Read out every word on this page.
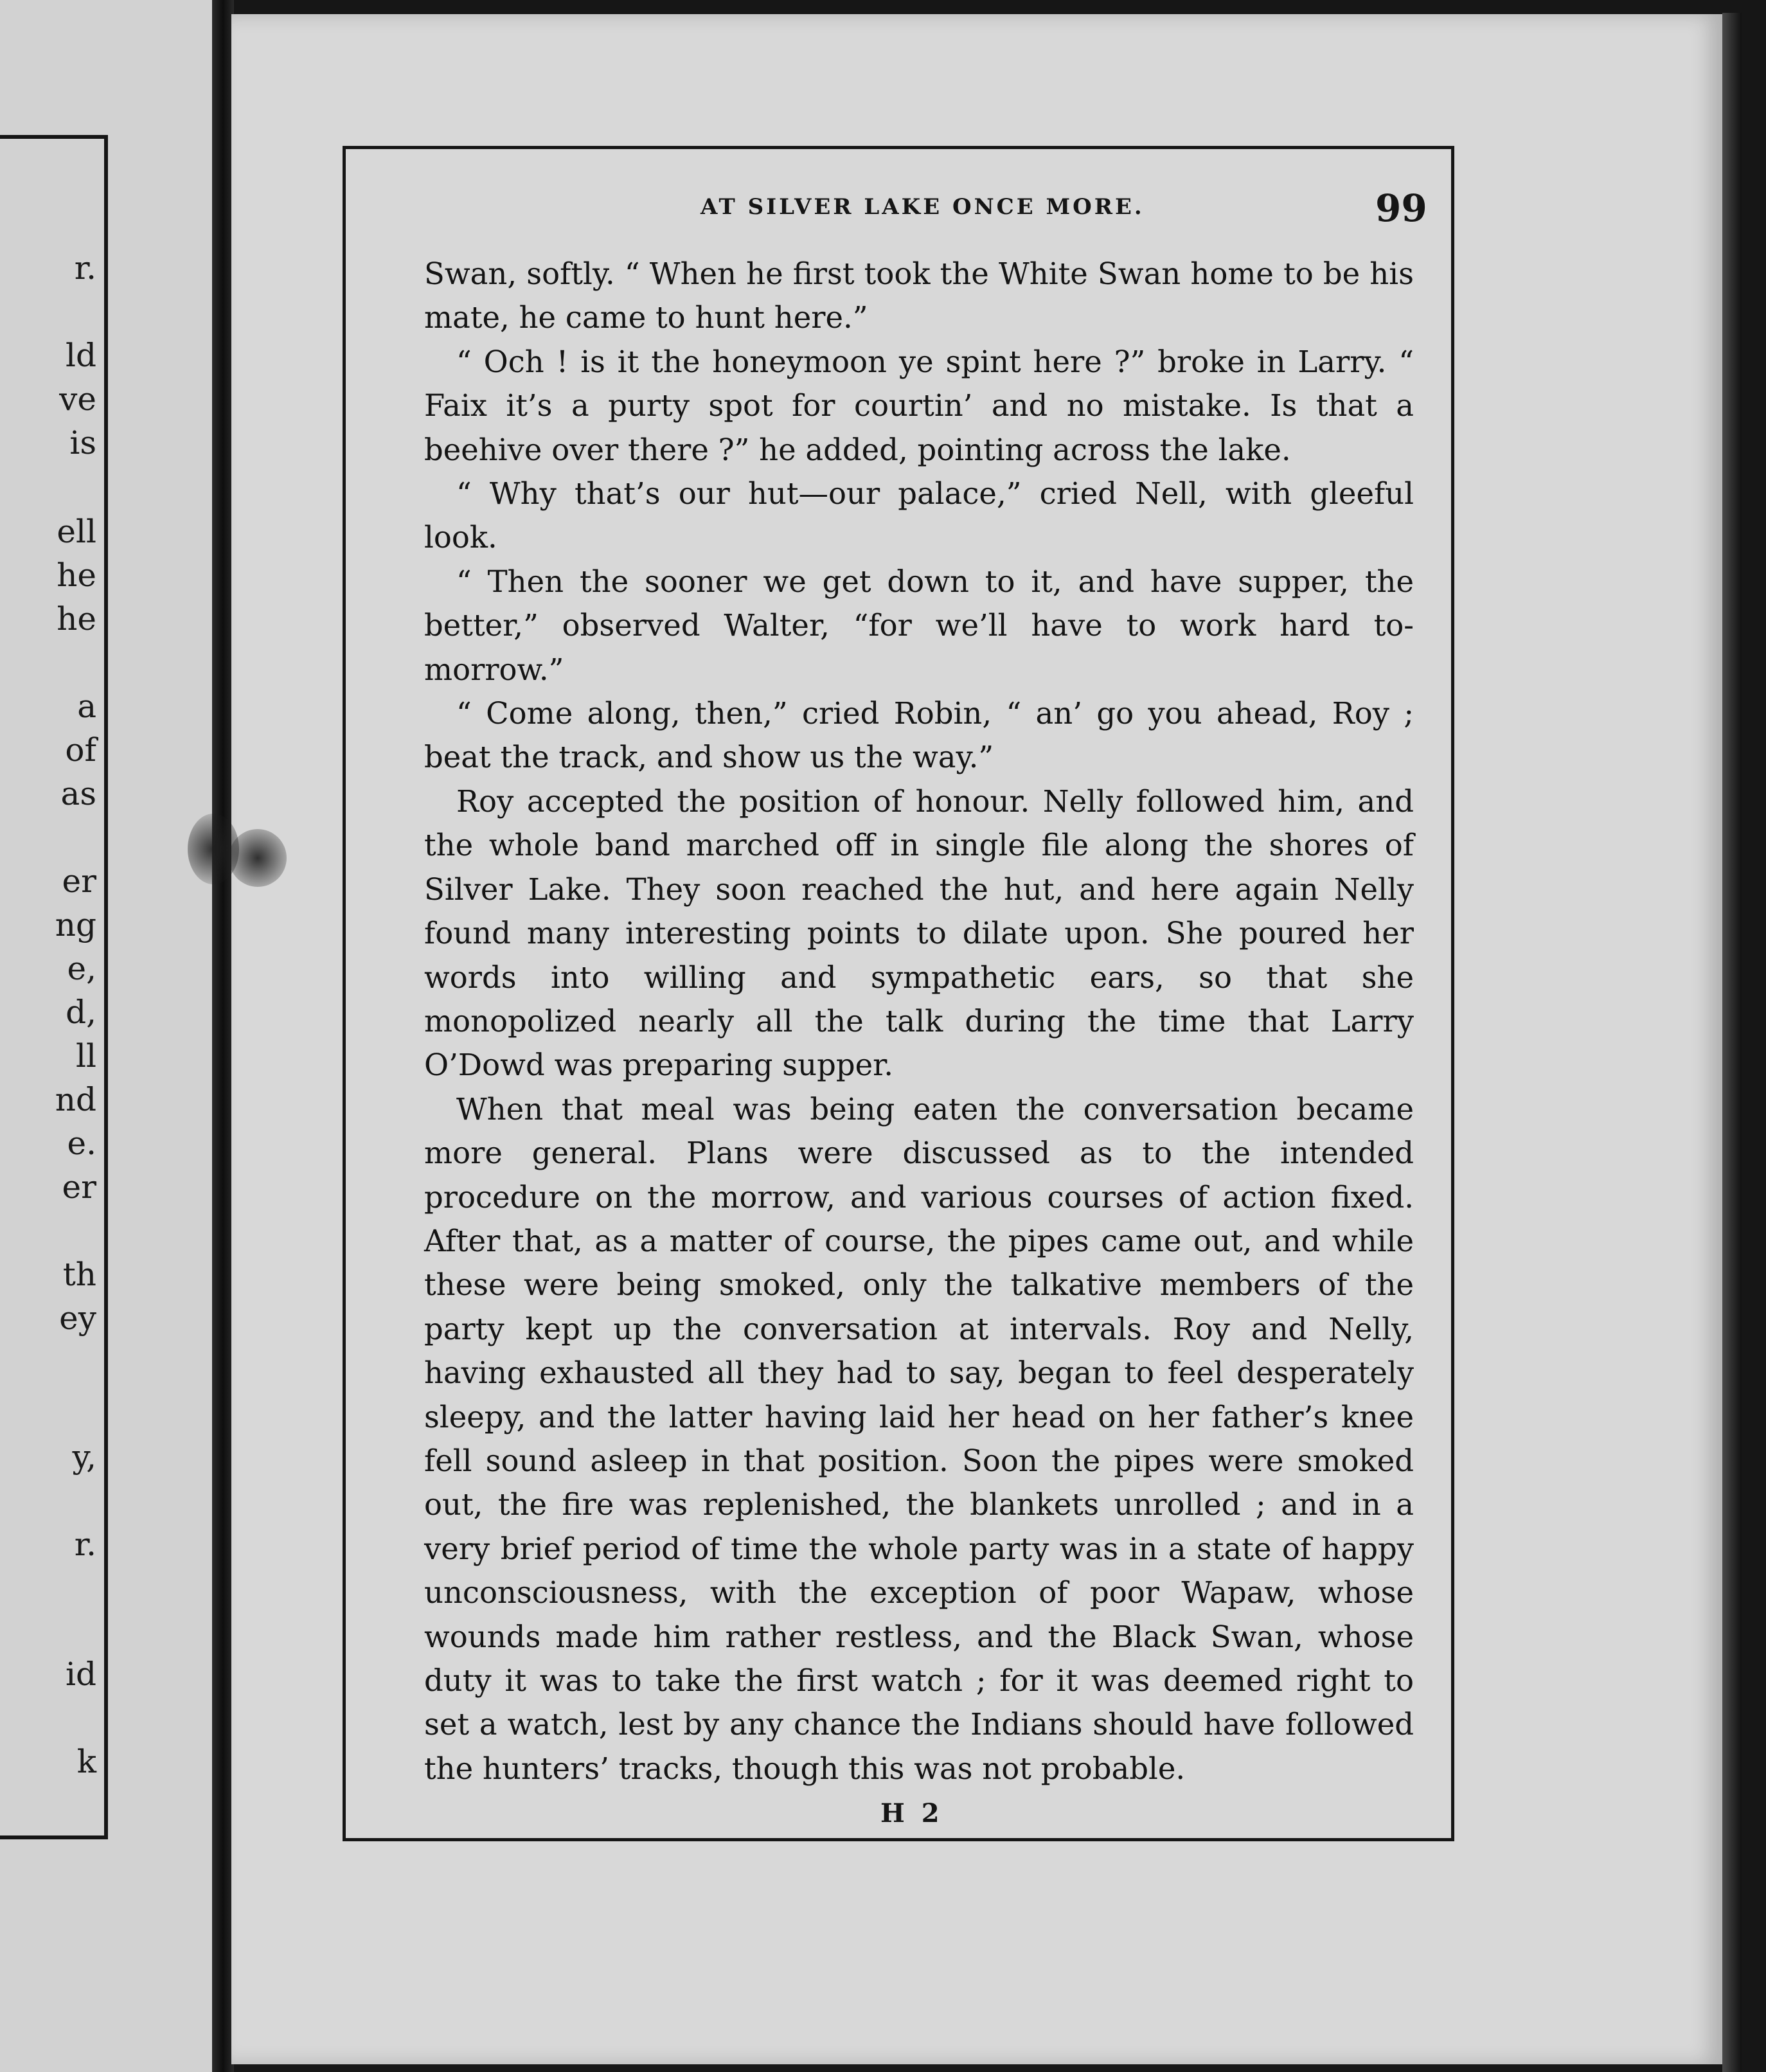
r.
ld
ve
is
ell
he
he
a
of
as
er
ng
e,
d,
ll
nd
e.
er
th
ey
y,
r.
id
k
AT SILVER LAKE ONCE MORE.	99

Swan, softly. “ When he first took the White Swan home to be his mate, he came to hunt here.”

“ Och ! is it the honeymoon ye spint here ?” broke in Larry. “ Faix it’s a purty spot for courtin’ and no mistake. Is that a beehive over there ?” he added, pointing across the lake.

“ Why that’s our hut—our palace,” cried Nell, with gleeful look.

“ Then the sooner we get down to it, and have supper, the better,” observed Walter, “for we’ll have to work hard to-morrow.”

“ Come along, then,” cried Robin, “ an’ go you ahead, Roy ; beat the track, and show us the way.”

Roy accepted the position of honour. Nelly followed him, and the whole band marched off in single file along the shores of Silver Lake. They soon reached the hut, and here again Nelly found many interesting points to dilate upon. She poured her words into willing and sympathetic ears, so that she monopolized nearly all the talk during the time that Larry O’Dowd was preparing supper.

When that meal was being eaten the conversation became more general. Plans were discussed as to the intended procedure on the morrow, and various courses of action fixed. After that, as a matter of course, the pipes came out, and while these were being smoked, only the talkative members of the party kept up the conversation at intervals. Roy and Nelly, having exhausted all they had to say, began to feel desperately sleepy, and the latter having laid her head on her father’s knee fell sound asleep in that position. Soon the pipes were smoked out, the fire was replenished, the blankets unrolled ; and in a very brief period of time the whole party was in a state of happy unconsciousness, with the exception of poor Wapaw, whose wounds made him rather restless, and the Black Swan, whose duty it was to take the first watch ; for it was deemed right to set a watch, lest by any chance the Indians should have followed the hunters’ tracks, though this was not probable.

H 2
